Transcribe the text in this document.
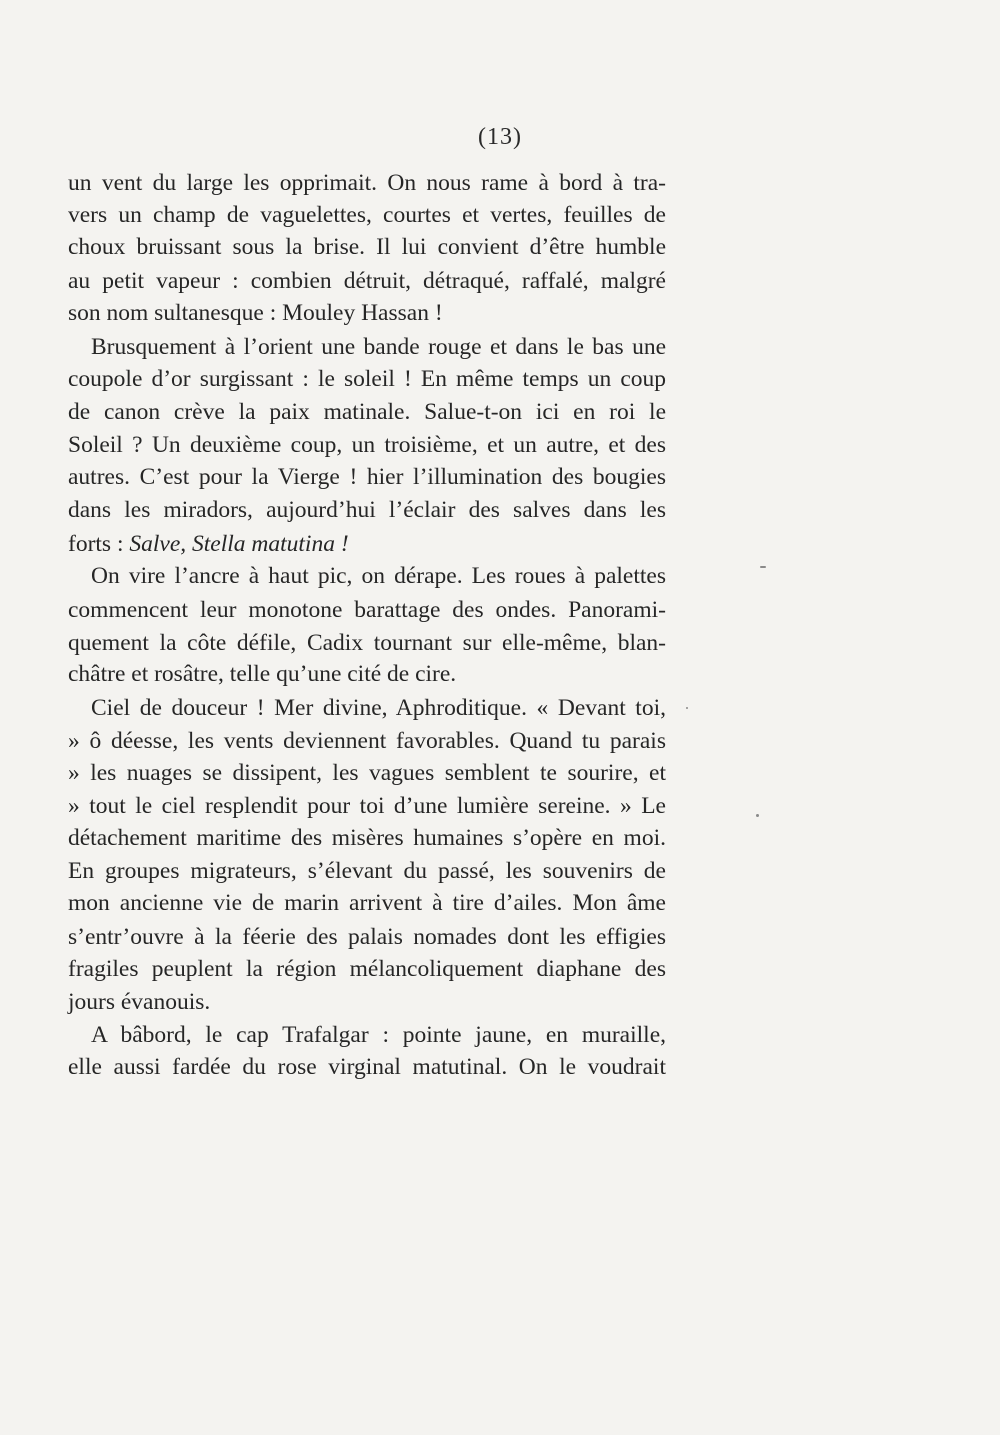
(13)
un vent du large les opprimait. On nous rame à bord à tra-
vers un champ de vaguelettes, courtes et vertes, feuilles de
choux bruissant sous la brise. Il lui convient d’être humble
au petit vapeur : combien détruit, détraqué, raffalé, malgré
son nom sultanesque : Mouley Hassan !
Brusquement à l’orient une bande rouge et dans le bas une
coupole d’or surgissant : le soleil ! En même temps un coup
de canon crève la paix matinale. Salue-t-on ici en roi le
Soleil ? Un deuxième coup, un troisième, et un autre, et des
autres. C’est pour la Vierge ! hier l’illumination des bougies
dans les miradors, aujourd’hui l’éclair des salves dans les
forts : Salve, Stella matutina !
On vire l’ancre à haut pic, on dérape. Les roues à palettes
commencent leur monotone barattage des ondes. Panorami-
quement la côte défile, Cadix tournant sur elle-même, blan-
châtre et rosâtre, telle qu’une cité de cire.
Ciel de douceur ! Mer divine, Aphroditique. « Devant toi,
» ô déesse, les vents deviennent favorables. Quand tu parais
» les nuages se dissipent, les vagues semblent te sourire, et
» tout le ciel resplendit pour toi d’une lumière sereine. » Le
détachement maritime des misères humaines s’opère en moi.
En groupes migrateurs, s’élevant du passé, les souvenirs de
mon ancienne vie de marin arrivent à tire d’ailes. Mon âme
s’entr’ouvre à la féerie des palais nomades dont les effigies
fragiles peuplent la région mélancoliquement diaphane des
jours évanouis.
A bâbord, le cap Trafalgar : pointe jaune, en muraille,
elle aussi fardée du rose virginal matutinal. On le voudrait
